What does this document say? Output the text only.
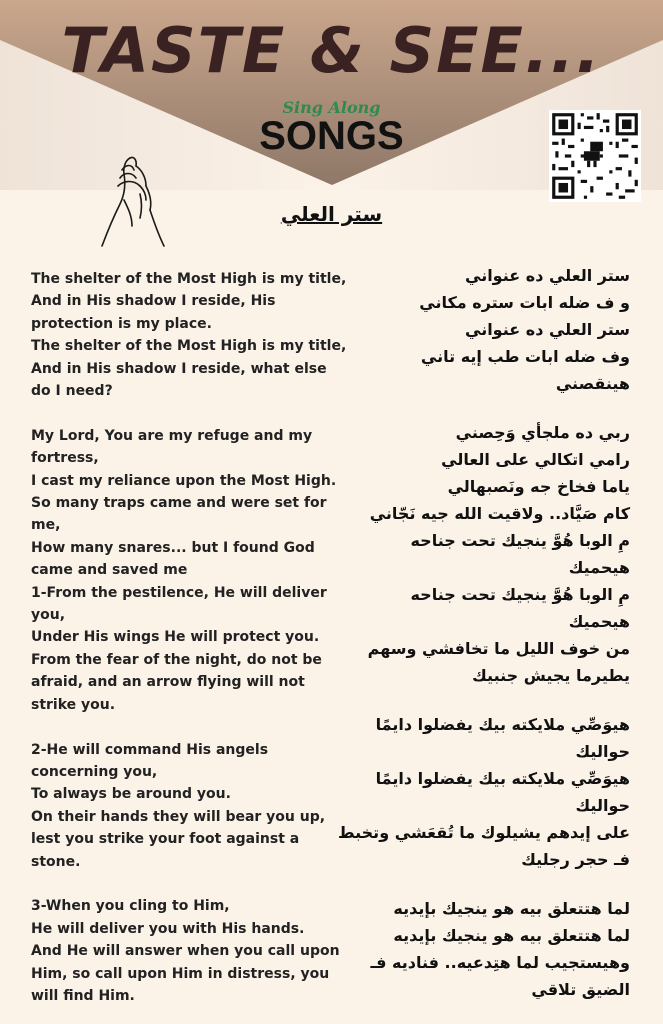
TASTE & SEE...
Sing Along
SONGS
ستر العلي

The shelter of the Most High is my title,

And in His shadow I reside, His

protection is my place.

The shelter of the Most High is my title,

And in His shadow I reside, what else

do I need?

My Lord, You are my refuge and my

fortress,

I cast my reliance upon the Most High.

So many traps came and were set for

me,

How many snares... but I found God

came and saved me

1-From the pestilence, He will deliver

you,

Under His wings He will protect you.

From the fear of the night, do not be

afraid, and an arrow flying will not

strike you.

2-He will command His angels

concerning you,

To always be around you.

On their hands they will bear you up,

lest you strike your foot against a

stone.

3-When you cling to Him,

He will deliver you with His hands.

And He will answer when you call upon

Him, so call upon Him in distress, you

will find Him.

ستر العلي ده عنواني

و ف ضله ابات ستره مكاني

ستر العلي ده عنواني

وف ضله ابات طب إيه تاني

هينقصني

ربي ده ملجأي وَحِصني

رامي اتكالي على العالي

ياما فخاخ جه ونَصبهالي

كام صَيَّاد.. ولاقيت الله جيه نَجّاني

مِ الوبا هُوَّ ينجيك تحت جناحه

هيحميك

مِ الوبا هُوَّ ينجيك تحت جناحه

هيحميك

من خوف الليل ما تخافشي وسهم

يطيرما يجيش جنبيك

هيوَصِّي ملايكته بيك يفضلوا دايمًا

حواليك

هيوَصِّي ملايكته بيك يفضلوا دايمًا

حواليك

على إيدهم يشيلوك ما تُقعَشي وتخبط

فـ حجر رجليك

لما هتتعلق بيه هو ينجيك بإيديه

لما هتتعلق بيه هو ينجيك بإيديه

وهيستجيب لما هتِدعيه.. فناديه فـ

الضيق تلاقي
